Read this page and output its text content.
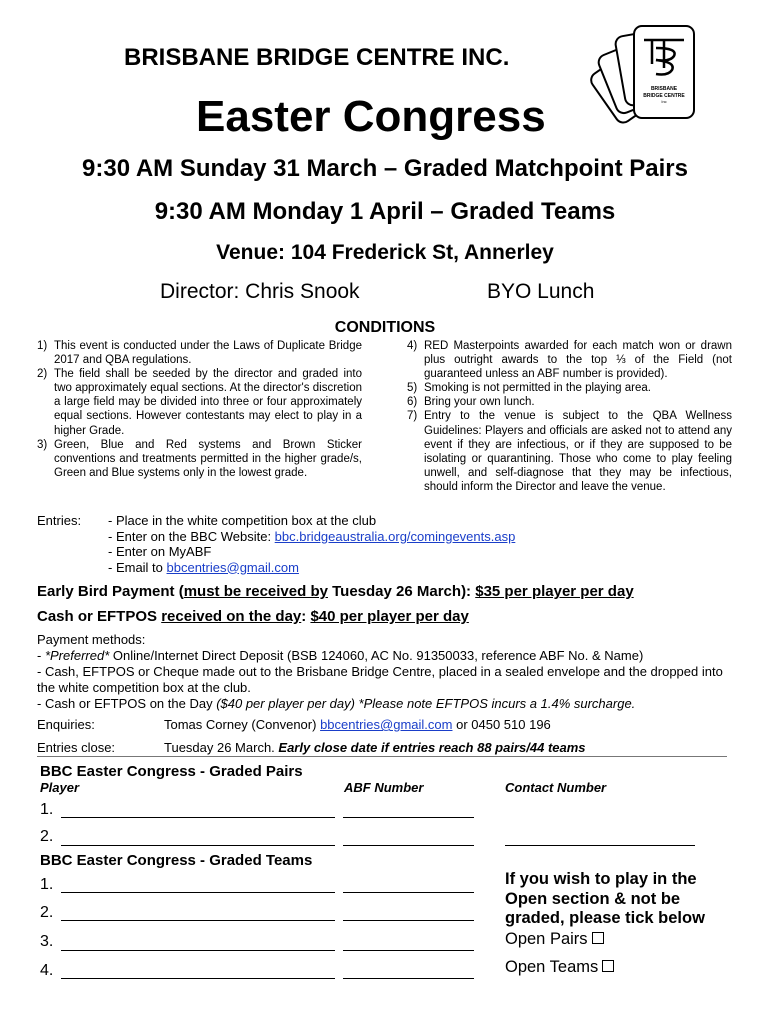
BRISBANE BRIDGE CENTRE INC.
BRISBANE
BRIDGE CENTRE
Inc
Easter Congress
9:30 AM Sunday 31 March – Graded Matchpoint Pairs
9:30 AM Monday 1 April – Graded Teams
Venue: 104 Frederick St, Annerley
Director: Chris Snook	BYO Lunch
CONDITIONS
1) This event is conducted under the Laws of Duplicate Bridge 2017 and QBA regulations.
2) The field shall be seeded by the director and graded into two approximately equal sections. At the director's discretion a large field may be divided into three or four approximately equal sections. However contestants may elect to play in a higher Grade.
3) Green, Blue and Red systems and Brown Sticker conventions and treatments permitted in the higher grade/s, Green and Blue systems only in the lowest grade.
4) RED Masterpoints awarded for each match won or drawn plus outright awards to the top ⅓ of the Field (not guaranteed unless an ABF number is provided).
5) Smoking is not permitted in the playing area.
6) Bring your own lunch.
7) Entry to the venue is subject to the QBA Wellness Guidelines: Players and officials are asked not to attend any event if they are infectious, or if they are supposed to be isolating or quarantining. Those who come to play feeling unwell, and self-diagnose that they may be infectious, should inform the Director and leave the venue.
Entries: - Place in the white competition box at the club
- Enter on the BBC Website: bbc.bridgeaustralia.org/comingevents.asp
- Enter on MyABF
- Email to bbcentries@gmail.com
Early Bird Payment (must be received by Tuesday 26 March): $35 per player per day
Cash or EFTPOS received on the day: $40 per player per day
Payment methods:
- *Preferred* Online/Internet Direct Deposit (BSB 124060, AC No. 91350033, reference ABF No. & Name)
- Cash, EFTPOS or Cheque made out to the Brisbane Bridge Centre, placed in a sealed envelope and the dropped into the white competition box at the club.
- Cash or EFTPOS on the Day ($40 per player per day) *Please note EFTPOS incurs a 1.4% surcharge.
Enquiries:	Tomas Corney (Convenor) bbcentries@gmail.com or 0450 510 196
Entries close:	Tuesday 26 March. Early close date if entries reach 88 pairs/44 teams
BBC Easter Congress - Graded Pairs
Player	ABF Number	Contact Number
1.
2.
BBC Easter Congress - Graded Teams
1.
2.
3.
4.
If you wish to play in the Open section & not be graded, please tick below
Open Pairs
Open Teams
